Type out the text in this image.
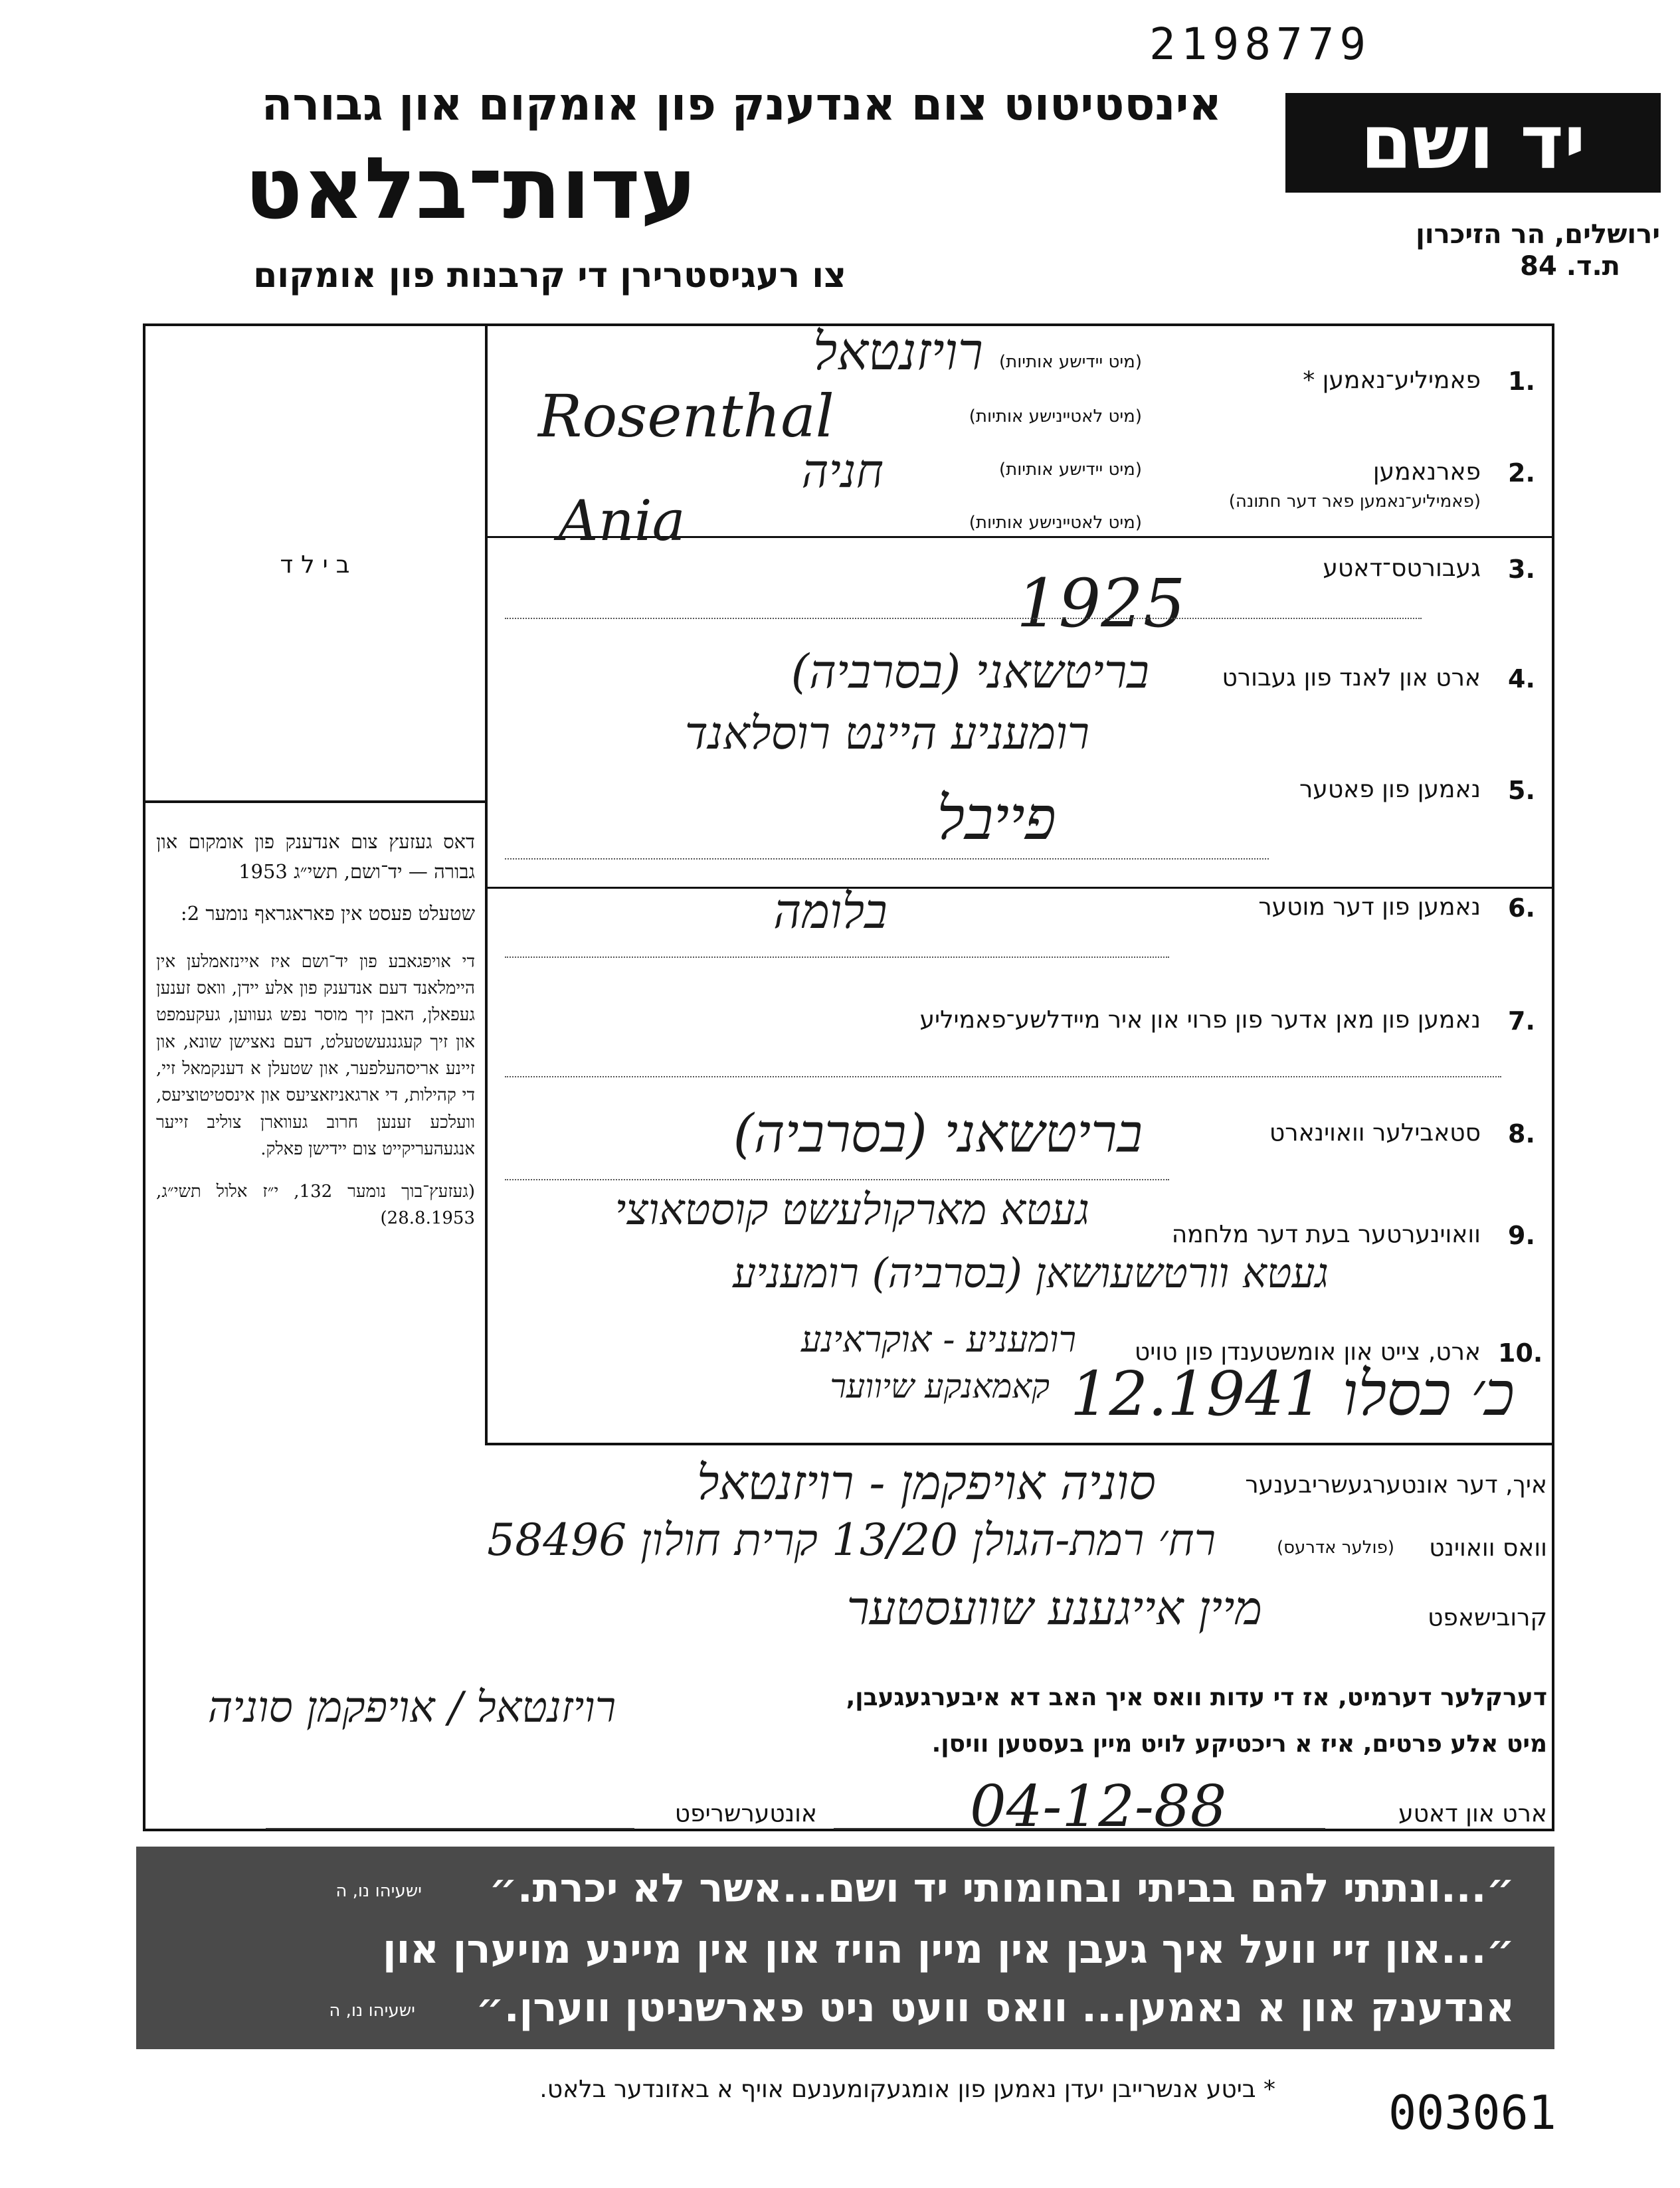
2198779
אינסטיטוט צום אנדענק פון אומקום און גבורה
עדות־בלאט
צו רעגיסטרירן די קרבנות פון אומקום
יד ושם
ירושלים, הר הזיכרון
ת.ד. 84
בילד
דאס געזעץ צום אנדענק פון אומקום און גבורה — יד־ושם, תשי״ג 1953
שטעלט פעסט אין פאראגראף נומער 2:
די אויפגאבע פון יד־ושם איז איינזאמלען אין היימלאנד דעם אנדענק פון אלע יידן, וואס זענען געפאלן, האבן זיך מוסר נפש געווען, געקעמפט און זיך קעגנגעשטעלט, דעם נאצישן שונא, און זיינע אריסהעלפער, און שטעלן א דענקמאל זיי, די קהילות, די ארגאניזאציעס און אינסטיטוציעס, וועלכע זענען חרוב געווארן צוליב זייער אנגעהעריקייט צום יידישן פאלק.
(געזעץ־בוך נומער 132, י״ז אלול תשי״ג, 28.8.1953)
1.
פאמיליע־נאמען *
(מיט יידישע אותיות)
(מיט לאטיינישע אותיות)
רויזנטאל
Rosenthal
2.
פארנאמען
(פאמיליע־נאמען פאר דער חתונה)
(מיט יידישע אותיות)
(מיט לאטיינישע אותיות)
חניה
Ania
3.
געבורטס־דאטע
1925
4.
ארט און לאנד פון געבורט
בריטשאני (בסרביה)
רומעניע היינט רוסלאנד
5.
נאמען פון פאטער
פייבל
6.
נאמען פון דער מוטער
בלומה
7.
נאמען פון מאן אדער פון פרוי און איר מיידלשע־פאמיליע
8.
סטאבילער וואוינארט
בריטשאני (בסרביה)
9.
וואוינערטער בעת דער מלחמה
געטא מארקולעשט קוסטאוצי
געטא וורטשעושאן (בסרביה) רומעניע
10.
ארט, צייט און אומשטענדן פון טויט
רומעניע - אוקראינע
קאמאנקע שיווער כ׳ כסלו 12.1941
איך, דער אונטערגעשריבענער
סוניה אויפקמן - רויזנטאל
וואס וואוינט
(פולער אדרעס)
רח׳ רמת-הגולן 13/20 קרית חולון 58496
קרובישאפט
מיין אייגענע שוועסטער
דערקלער דערמיט, אז די עדות וואס איך האב דא איבערגעגעבן,
מיט אלע פרטים, איז א ריכטיקע לויט מיין בעסטען וויסן.
ארט און דאטע
04-12-88
אונטערשריפט
רויזנטאל / אויפקמן סוניה
״...ונתתי להם בביתי ובחומותי יד ושם...אשר לא יכרת.״
ישעיהו נו, ה
״...און זיי וועל איך געבן אין מיין הויז און אין מיינע מויערן און
אנדענק און א נאמען... וואס וועט ניט פארשניטן ווערן.״
ישעיהו נו, ה
* ביטע אנשרייבן יעדן נאמען פון אומגעקומענעם אויף א באזונדער בלאט. 003061
